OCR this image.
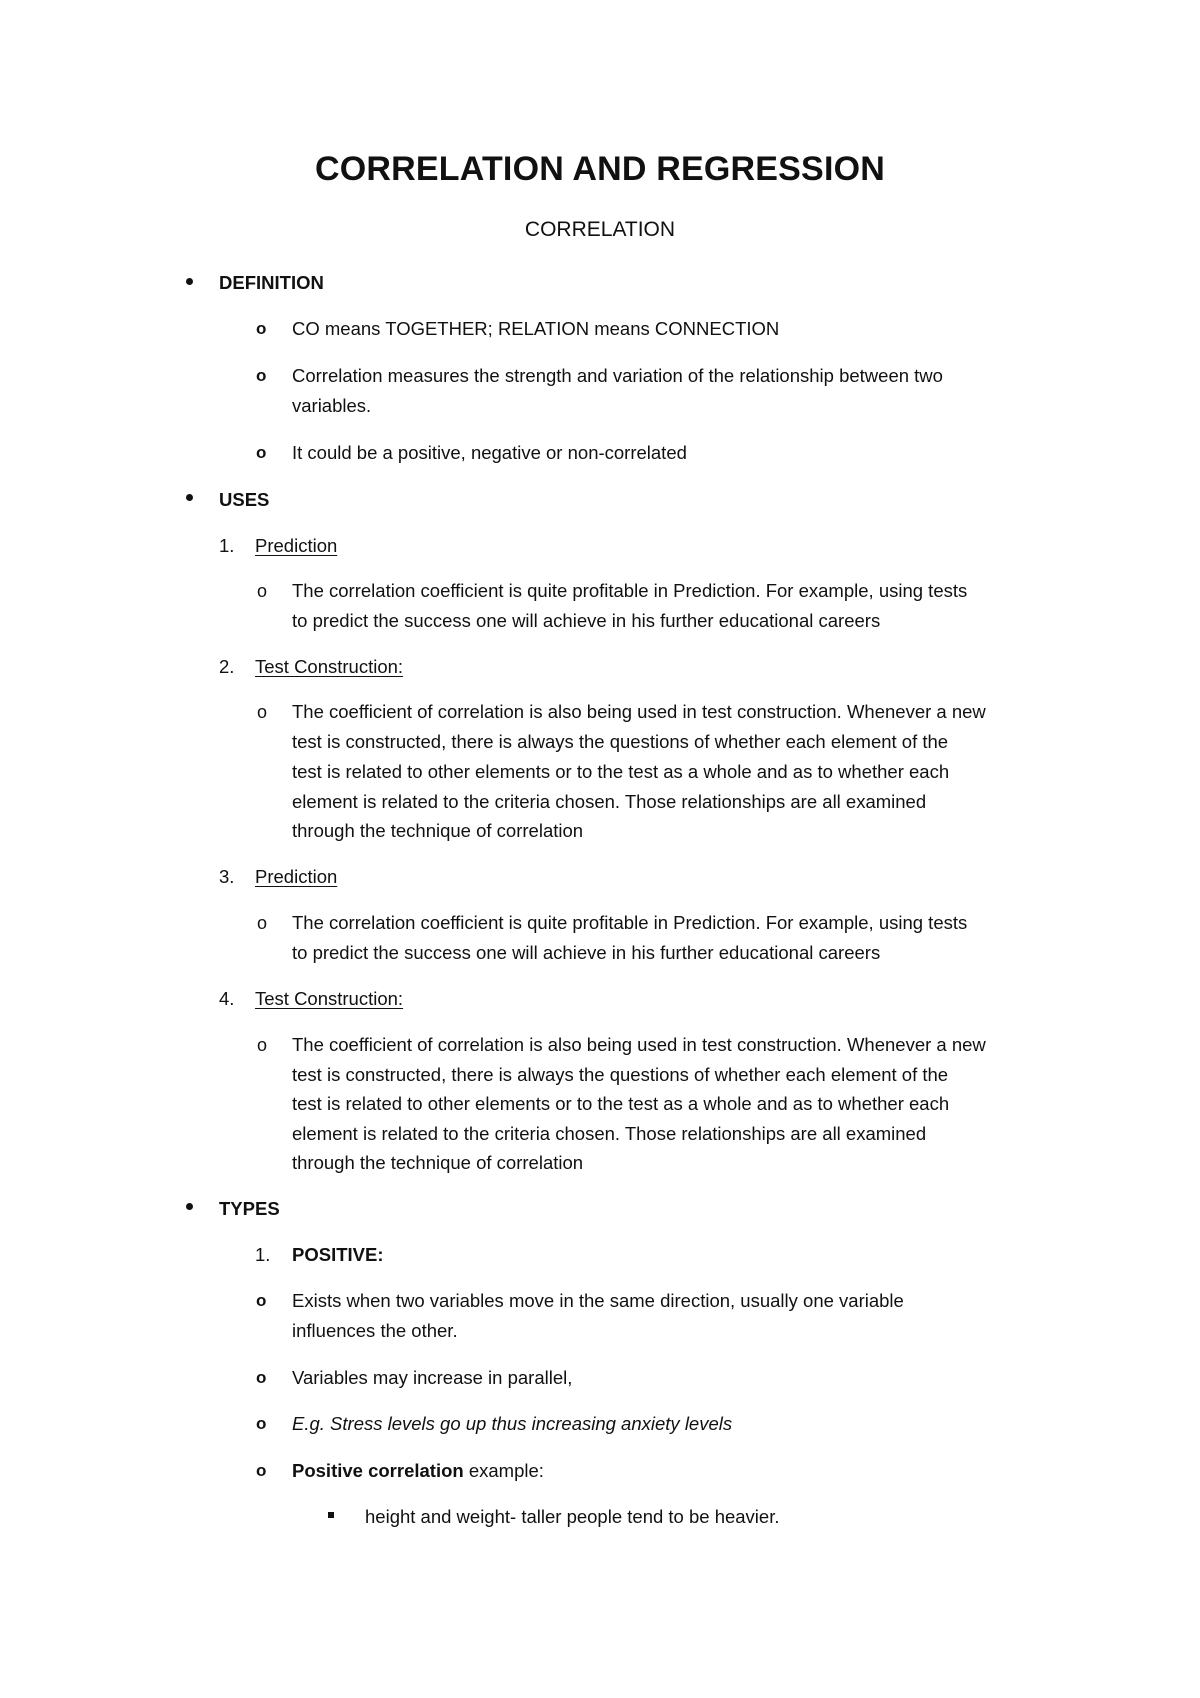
CORRELATION AND REGRESSION
CORRELATION
DEFINITION
o CO means TOGETHER; RELATION means CONNECTION
o Correlation measures the strength and variation of the relationship between two
variables.
o It could be a positive, negative or non-correlated
USES
1. Prediction
o The correlation coefficient is quite profitable in Prediction. For example, using tests
to predict the success one will achieve in his further educational careers
2. Test Construction:
o The coefficient of correlation is also being used in test construction. Whenever a new
test is constructed, there is always the questions of whether each element of the
test is related to other elements or to the test as a whole and as to whether each
element is related to the criteria chosen. Those relationships are all examined
through the technique of correlation
3. Prediction
o The correlation coefficient is quite profitable in Prediction. For example, using tests
to predict the success one will achieve in his further educational careers
4. Test Construction:
o The coefficient of correlation is also being used in test construction. Whenever a new
test is constructed, there is always the questions of whether each element of the
test is related to other elements or to the test as a whole and as to whether each
element is related to the criteria chosen. Those relationships are all examined
through the technique of correlation
TYPES
1. POSITIVE:
o Exists when two variables move in the same direction, usually one variable
influences the other.
o Variables may increase in parallel,
o E.g. Stress levels go up thus increasing anxiety levels
o Positive correlation example:
height and weight- taller people tend to be heavier.
